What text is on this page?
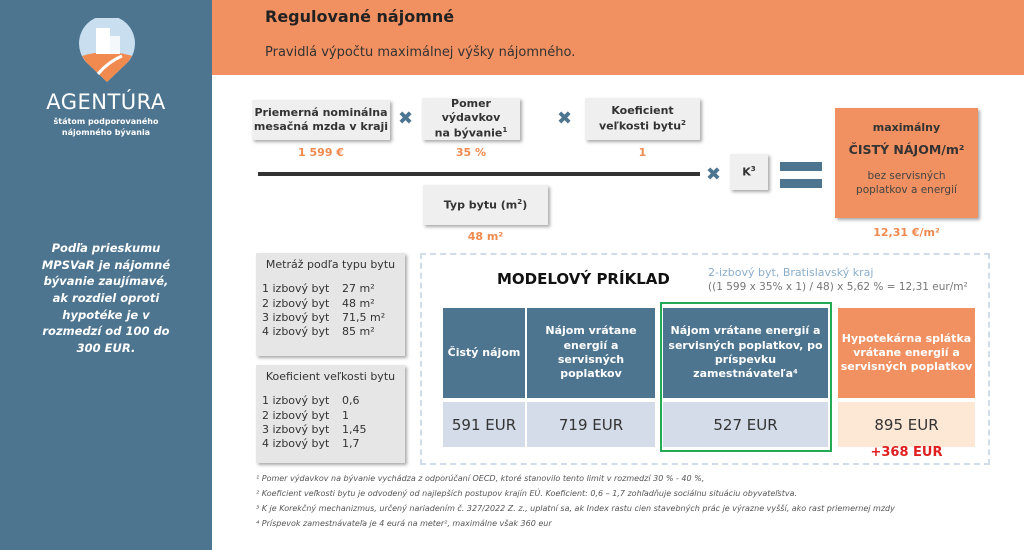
AGENTÚRA
štátom podporovaného
nájomného bývania
Podľa prieskumu MPSVaR je nájomné bývanie zaujímavé, ak rozdiel oproti hypotéke je v rozmedzí od 100 do 300 EUR.
Regulované nájomné
Pravidlá výpočtu maximálnej výšky nájomného.
Priemerná nominálna
mesačná mzda v kraji
1 599 €
✖
Pomer výdavkov
na bývanie$^1$
35 %
✖	Koeficient
veľkosti bytu$^2$
1
✖ $K^3$
Typ bytu $(m^2)$
48 m²
maximálny
ČISTÝ NÁJOM/m²
bez servisných poplatkov a energií
12,31 €/m²
Metráž podľa typu bytu
1 izbový byt	27 m²
2 izbový byt	48 m²
3 izbový byt	71,5 m²
4 izbový byt	85 m²
Koeficient veľkosti bytu
1 izbový byt	0,6
2 izbový byt	1
3 izbový byt	1,45
4 izbový byt	1,7
MODELOVÝ PRÍKLAD	2-izbový byt, Bratislavský kraj
((1 599 x 35% x 1) / 48) x 5,62 % = 12,31 eur/m²
Čistý nájom
Nájom vrátane energií a servisných poplatkov
Nájom vrátane energií a servisných poplatkov, po príspevku zamestnávateľa⁴
Hypotekárna splátka vrátane energií a servisných poplatkov
591 EUR	719 EUR	527 EUR	895 EUR
+368 EUR
¹ Pomer výdavkov na bývanie vychádza z odporúčaní OECD, ktoré stanovilo tento limit v rozmedzí 30 % - 40 %,
² Koeficient veľkosti bytu je odvodený od najlepších postupov krajín EÚ. Koeficient: 0,6 – 1,7 zohľadňuje sociálnu situáciu obyvateľstva.
³ K je Korekčný mechanizmus, určený nariadením č. 327/2022 Z. z., uplatní sa, ak Index rastu cien stavebných prác je výrazne vyšší, ako rast priemernej mzdy
⁴ Príspevok zamestnávateľa je 4 eurá na meter², maximálne však 360 eur
